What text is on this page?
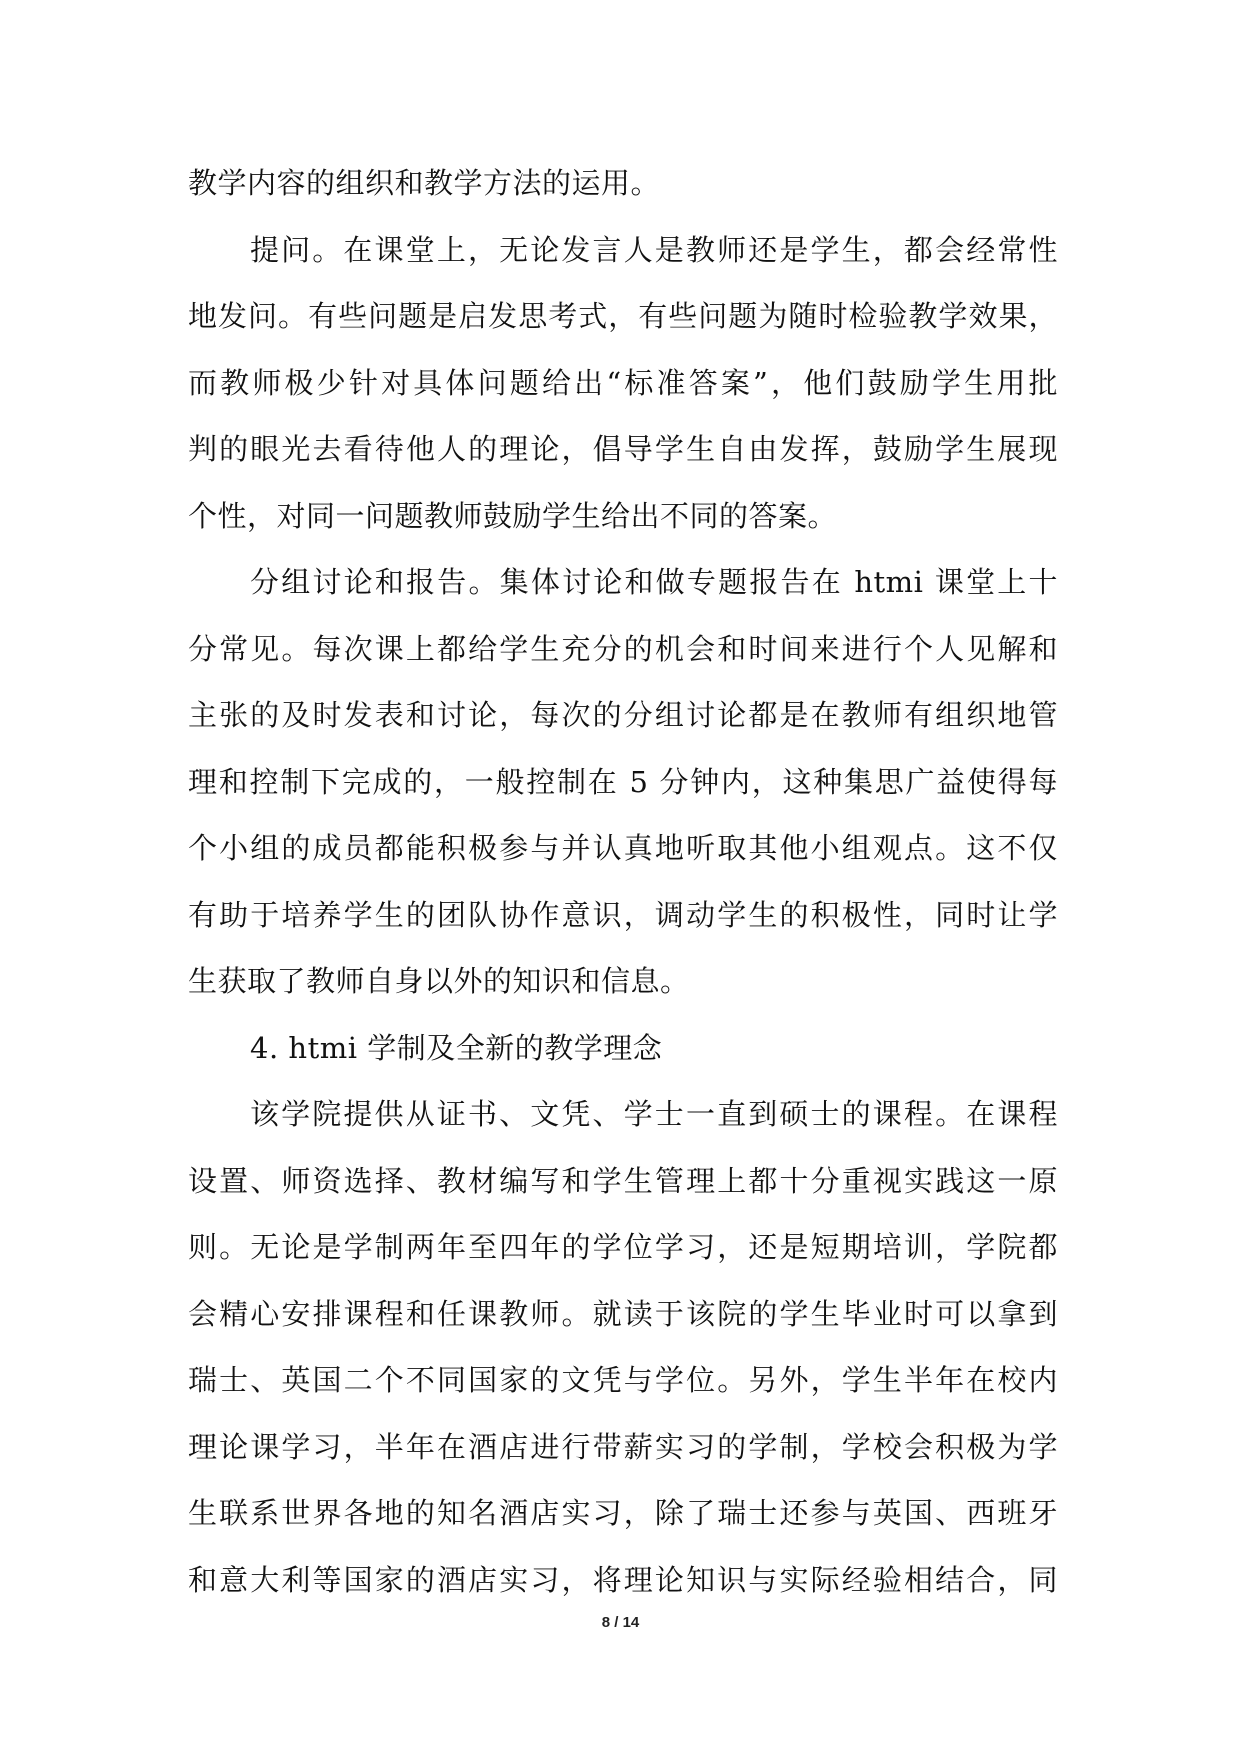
教学内容的组织和教学方法的运用。
提问。在课堂上，无论发言人是教师还是学生，都会经常性
地发问。有些问题是启发思考式，有些问题为随时检验教学效果，
而教师极少针对具体问题给出“标准答案”，他们鼓励学生用批
判的眼光去看待他人的理论，倡导学生自由发挥，鼓励学生展现
个性，对同一问题教师鼓励学生给出不同的答案。
分组讨论和报告。集体讨论和做专题报告在 htmi 课堂上十
分常见。每次课上都给学生充分的机会和时间来进行个人见解和
主张的及时发表和讨论，每次的分组讨论都是在教师有组织地管
理和控制下完成的，一般控制在 5 分钟内，这种集思广益使得每
个小组的成员都能积极参与并认真地听取其他小组观点。这不仅
有助于培养学生的团队协作意识，调动学生的积极性，同时让学
生获取了教师自身以外的知识和信息。
4. htmi 学制及全新的教学理念
该学院提供从证书、文凭、学士一直到硕士的课程。在课程
设置、师资选择、教材编写和学生管理上都十分重视实践这一原
则。无论是学制两年至四年的学位学习，还是短期培训，学院都
会精心安排课程和任课教师。就读于该院的学生毕业时可以拿到
瑞士、英国二个不同国家的文凭与学位。另外，学生半年在校内
理论课学习，半年在酒店进行带薪实习的学制，学校会积极为学
生联系世界各地的知名酒店实习，除了瑞士还参与英国、西班牙
和意大利等国家的酒店实习，将理论知识与实际经验相结合，同
8 / 14
